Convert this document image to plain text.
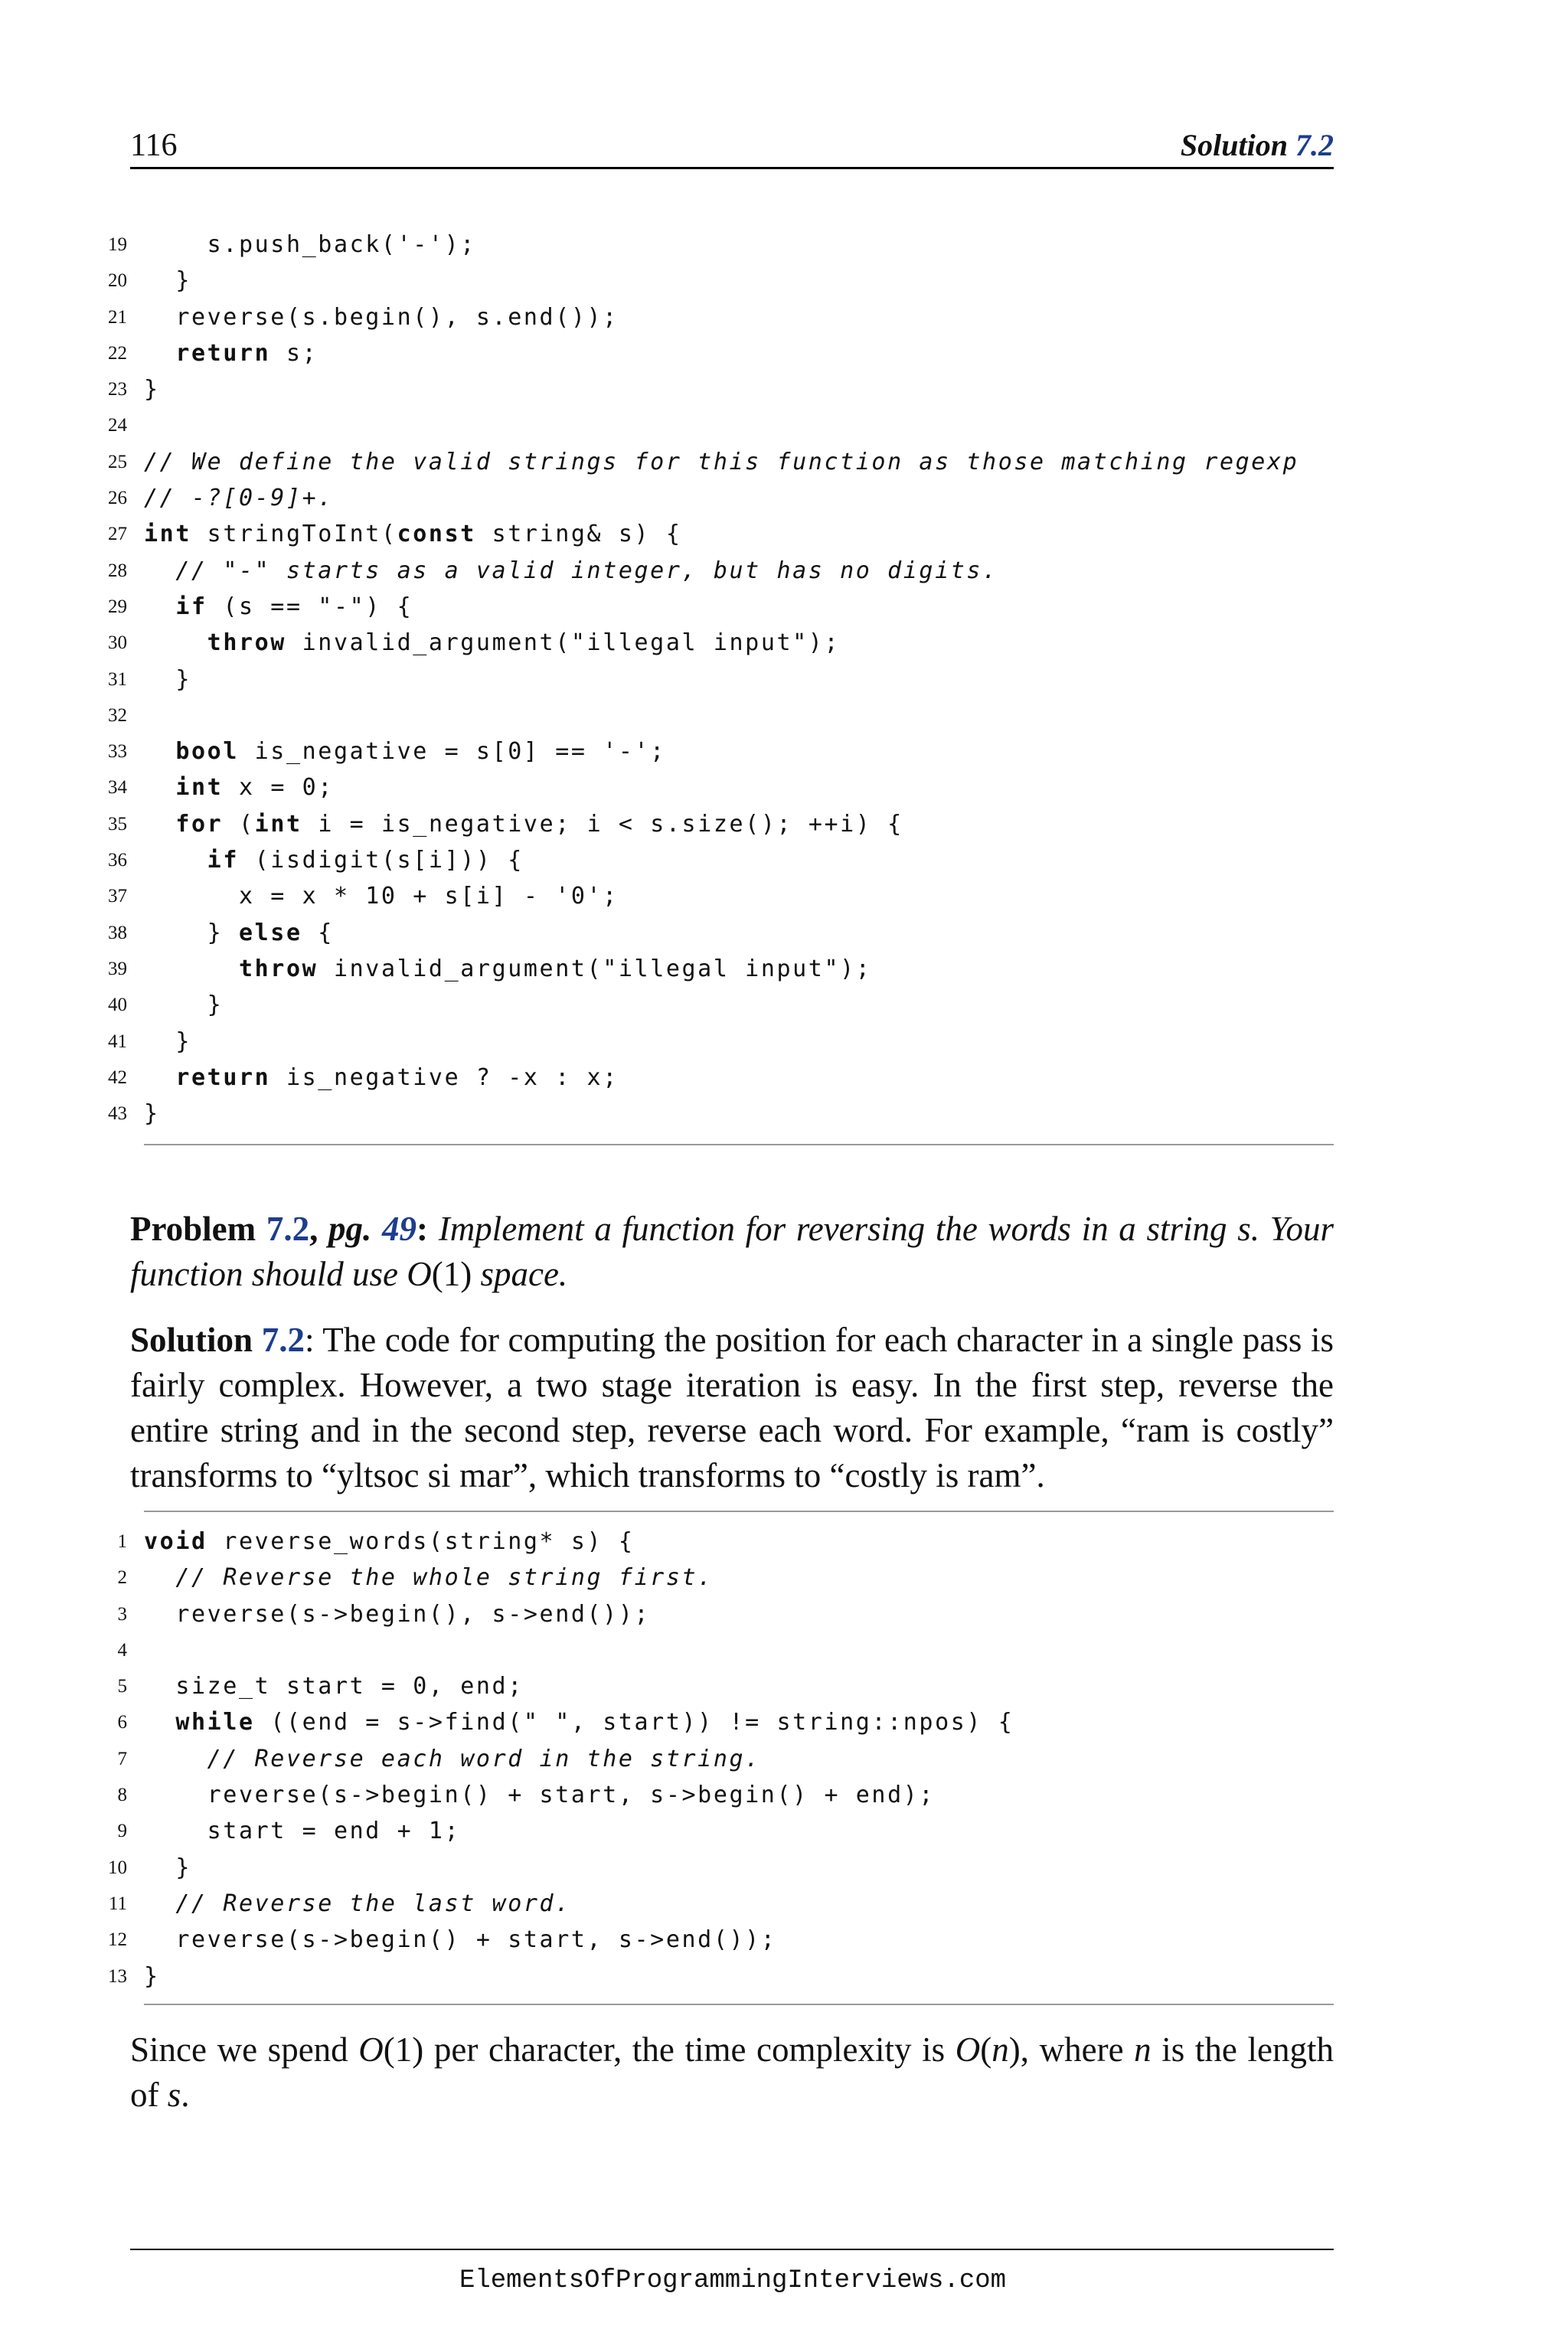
116	Solution 7.2
19 s.push_back('-');
20 }
21 reverse(s.begin(), s.end());
22	return s;
23 }
24
25 // We define the valid strings for this function as those matching regexp
26 // -?[0-9]+.
27 int stringToInt(const string& s) {
28	// "-" starts as a valid integer, but has no digits.
29	if (s == "-") {
30	throw invalid_argument("illegal input");
31 }
32
33	bool is_negative = s[0] == '-';
34	int x = 0;
35	for (int i = is_negative; i < s.size(); ++i) {
36	if (isdigit(s[i])) {
37 x = x * 10 + s[i] - '0';
38 } else {
39	throw invalid_argument("illegal input");
40 }
41 }
42	return is_negative ? -x : x;
43 }
Problem 7.2, pg. 49: Implement a function for reversing the words in a string s. Your function should use O(1) space.
Solution 7.2: The code for computing the position for each character in a single pass is fairly complex. However, a two stage iteration is easy. In the first step, reverse the entire string and in the second step, reverse each word. For example, “ram is costly” transforms to “yltsoc si mar”, which transforms to “costly is ram”.
1 void reverse_words(string* s) {
2	// Reverse the whole string first.
3 reverse(s->begin(), s->end());
4
5 size_t start = 0, end;
6	while ((end = s->find(" ", start)) != string::npos) {
7	// Reverse each word in the string.
8 reverse(s->begin() + start, s->begin() + end);
9 start = end + 1;
10 }
11	// Reverse the last word.
12 reverse(s->begin() + start, s->end());
13 }
Since we spend O(1) per character, the time complexity is O(n), where n is the length of s.
ElementsOfProgrammingInterviews.com
